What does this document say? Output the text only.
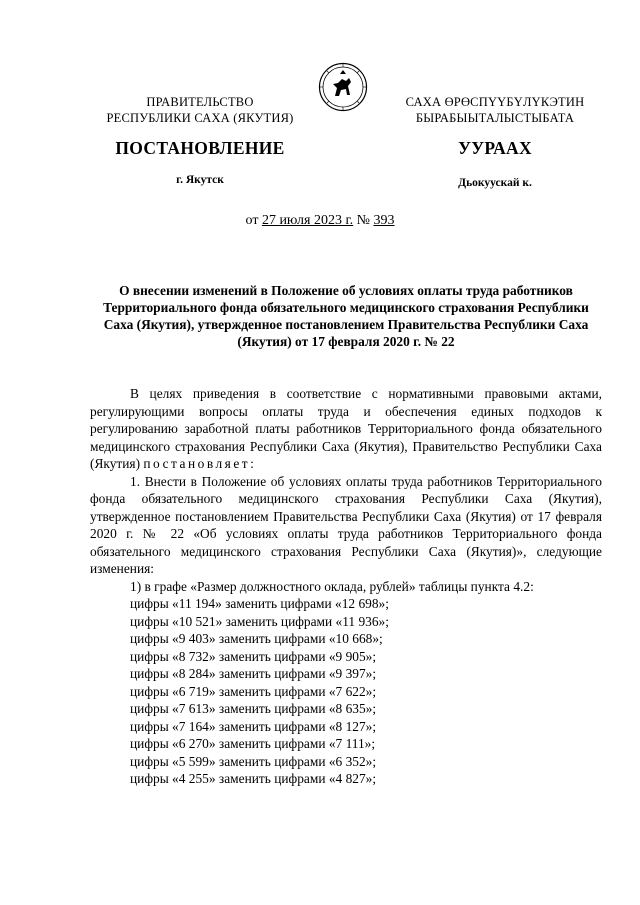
ПРАВИТЕЛЬСТВО
РЕСПУБЛИКИ САХА (ЯКУТИЯ)
САХА ӨРӨСПҮҮБҮЛҮКЭТИН
БЫРАБЫЫТАЛЫСТЫБАТА
ПОСТАНОВЛЕНИЕ	УУРААХ
г. Якутск	Дьокуускай к.
от 27 июля 2023 г. № 393
О внесении изменений в Положение об условиях оплаты труда работников Территориального фонда обязательного медицинского страхования Республики Саха (Якутия), утвержденное постановлением Правительства Республики Саха (Якутия) от 17 февраля 2020 г. № 22

В целях приведения в соответствие с нормативными правовыми актами, регулирующими вопросы оплаты труда и обеспечения единых подходов к регулированию заработной платы работников Территориального фонда обязательного медицинского страхования Республики Саха (Якутия), Правительство Республики Саха (Якутия) постановляет:

1. Внести в Положение об условиях оплаты труда работников Территориального фонда обязательного медицинского страхования Республики Саха (Якутия), утвержденное постановлением Правительства Республики Саха (Якутия) от 17 февраля 2020 г. № 22 «Об условиях оплаты труда работников Территориального фонда обязательного медицинского страхования Республики Саха (Якутия)», следующие изменения:

1) в графе «Размер должностного оклада, рублей» таблицы пункта 4.2:
цифры «11 194» заменить цифрами «12 698»;
цифры «10 521» заменить цифрами «11 936»;
цифры «9 403» заменить цифрами «10 668»;
цифры «8 732» заменить цифрами «9 905»;
цифры «8 284» заменить цифрами «9 397»;
цифры «6 719» заменить цифрами «7 622»;
цифры «7 613» заменить цифрами «8 635»;
цифры «7 164» заменить цифрами «8 127»;
цифры «6 270» заменить цифрами «7 111»;
цифры «5 599» заменить цифрами «6 352»;
цифры «4 255» заменить цифрами «4 827»;
